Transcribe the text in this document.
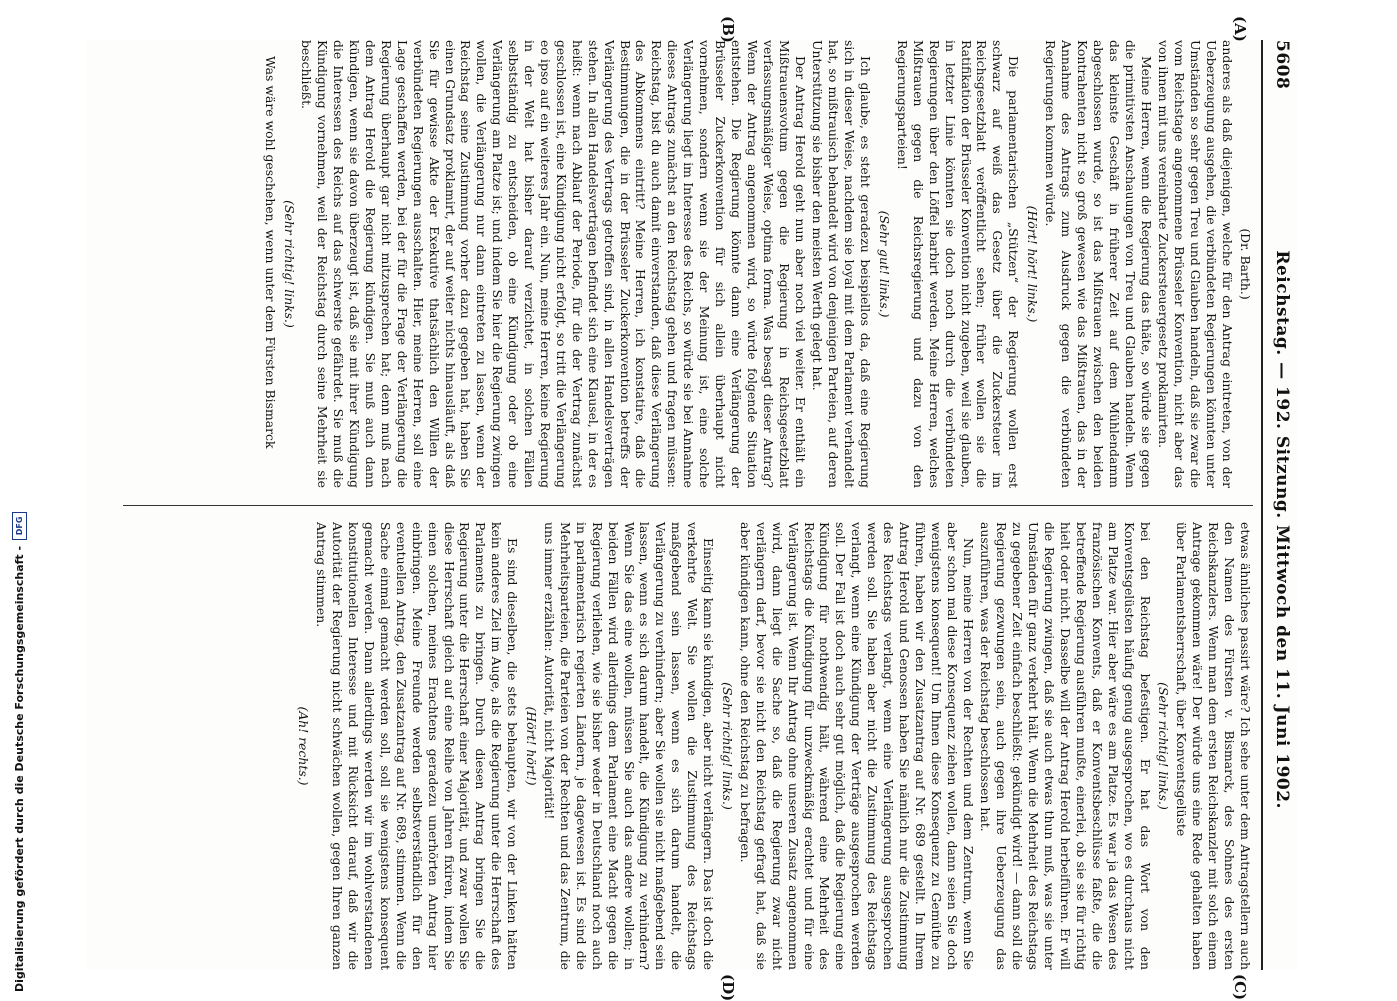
5608
Reichstag. — 192. Sitzung. Mittwoch den 11. Juni 1902.
(A)
(B)
(C)
(D)
(Dr. Barth.)

anderes als daß diejenigen, welche für den Antrag eintreten, von der Ueberzeugung ausgehen, die verbündeten Regierungen könnten unter Umständen so sehr gegen Treu und Glauben handeln, daß sie zwar die vom Reichstage angenommene Brüsseler Konvention, nicht aber das von ihnen mit uns vereinbarte Zuckersteuergesetz proklamirten.

Meine Herren, wenn die Regierung das thäte, so würde sie gegen die primitivsten Anschauungen von Treu und Glauben handeln. Wenn das kleinste Geschäft in früherer Zeit auf dem Mühlendamm abgeschlossen wurde, so ist das Mißtrauen zwischen den beiden Kontrahenten nicht so groß gewesen wie das Mißtrauen, das in der Annahme des Antrags zum Ausdruck gegen die verbündeten Regierungen kommen würde.

(Hört! hört! links.)

Die parlamentarischen „Stützen“ der Regierung wollen erst schwarz auf weiß das Gesetz über die Zuckersteuer im Reichsgesetzblatt veröffentlicht sehen; früher wollen sie die Ratifikation der Brüsseler Konvention nicht zugeben, weil sie glauben, in letzter Linie könnten sie doch noch durch die verbündeten Regierungen über den Löffel barbirt werden. Meine Herren, welches Mißtrauen gegen die Reichsregierung und dazu von den Regierungsparteien!

(Sehr gut! links.)

Ich glaube, es steht geradezu beispiellos da, daß eine Regierung sich in dieser Weise, nachdem sie loyal mit dem Parlament verhandelt hat, so mißtrauisch behandelt wird von denjenigen Parteien, auf deren Unterstützung sie bisher den meisten Werth gelegt hat.

Der Antrag Herold geht nun aber noch viel weiter. Er enthält ein Mißtrauensvotum gegen die Regierung in Reichsgesetzblatt verfassungsmäßiger Weise, optima forma. Was besagt dieser Antrag? Wenn der Antrag angenommen wird, so würde folgende Situation entstehen. Die Regierung könnte dann eine Verlängerung der Brüsseler Zuckerkonvention für sich allein überhaupt nicht vornehmen, sondern wenn sie der Meinung ist, eine solche Verlängerung liegt im Interesse des Reichs, so würde sie bei Annahme dieses Antrags zunächst an den Reichstag gehen und fragen müssen: Reichstag, bist du auch damit einverstanden, daß diese Verlängerung des Abkommens eintritt? Meine Herren, ich konstatire, daß die Bestimmungen, die in der Brüsseler Zuckerkonvention betreffs der Verlängerung des Vertrags getroffen sind, in allen Handelsverträgen stehen. In allen Handelsverträgen befindet sich eine Klausel, in der es heißt: wenn nach Ablauf der Periode, für die der Vertrag zunächst geschlossen ist, eine Kündigung nicht erfolgt, so tritt die Verlängerung eo ipso auf ein weiteres Jahr ein. Nun, meine Herren, keine Regierung in der Welt hat bisher darauf verzichtet, in solchen Fällen selbstständig zu entscheiden, ob eine Kündigung oder ob eine Verlängerung am Platze ist; und indem Sie hier die Regierung zwingen wollen, die Verlängerung nur dann eintreten zu lassen, wenn der Reichstag seine Zustimmung vorher dazu gegeben hat, haben Sie einen Grundsatz proklamirt, der auf weiter nichts hinausläuft, als daß Sie für gewisse Akte der Exekutive thatsächlich den Willen der verbündeten Regierungen ausschalten. Hier, meine Herren, soll eine Lage geschaffen werden, bei der für die Frage der Verlängerung die Regierung überhaupt gar nicht mitzusprechen hat; denn muß nach dem Antrag Herold die Regierung kündigen. Sie muß auch dann kündigen, wenn sie davon überzeugt ist, daß sie mit ihrer Kündigung die Interessen des Reichs auf das schwerste gefährdet. Sie muß die Kündigung vornehmen, weil der Reichstag durch seine Mehrheit sie beschließt.

(Sehr richtig! links.)

Was wäre wohl geschehen, wenn unter dem Fürsten Bismarck

etwas ähnliches passirt wäre? Ich sehe unter dem Antragstellern auch den Namen des Fürsten v. Bismarck, des Sohnes des ersten Reichskanzlers. Wenn man dem ersten Reichskanzler mit solch einem Antrage gekommen wäre! Der würde uns eine Rede gehalten haben über Parlamentsherrschaft, über Konventsgelüste

(Sehr richtig! links.)

bei den Reichstag befestigen. Er hat das Wort von den Konventsgelüsten häufig genug ausgesprochen, wo es durchaus nicht am Platze war. Hier aber wäre es am Platze. Es war ja das Wesen des französischen Konvents, daß er Konventsbeschlüsse faßte, die die betreffende Regierung ausführen mußte, einerlei, ob sie sie für richtig hielt oder nicht. Dasselbe will der Antrag Herold herbeiführen. Er will die Regierung zwingen, daß sie auch etwas thun muß, was sie unter Umständen für ganz verkehrt hält. Wenn die Mehrheit des Reichstags zu gegebener Zeit einfach beschließt: gekündigt wird! — dann soll die Regierung gezwungen sein, auch gegen ihre Ueberzeugung das auszuführen, was der Reichstag beschlossen hat.

Nun, meine Herren von der Rechten und dem Zentrum, wenn Sie aber schon mal diese Konsequenz ziehen wollen, dann seien Sie doch wenigstens konsequent! Um Ihnen diese Konsequenz zu Gemüthe zu führen, haben wir den Zusatzantrag auf Nr. 689 gestellt. In Ihrem Antrag Herold und Genossen haben Sie nämlich nur die Zustimmung des Reichstags verlangt, wenn eine Verlängerung ausgesprochen werden soll. Sie haben aber nicht die Zustimmung des Reichstags verlangt, wenn eine Kündigung der Verträge ausgesprochen werden soll. Der Fall ist doch auch sehr gut möglich, daß die Regierung eine Kündigung für nothwendig hält, während eine Mehrheit des Reichstags die Kündigung für unzweckmäßig erachtet und für eine Verlängerung ist. Wenn Ihr Antrag ohne unseren Zusatz angenommen wird, dann liegt die Sache so, daß die Regierung zwar nicht verlängern darf, bevor sie nicht den Reichstag gefragt hat, daß sie aber kündigen kann, ohne den Reichstag zu befragen.

(Sehr richtig! links.)

Einseitig kann sie kündigen, aber nicht verlängern. Das ist doch die verkehrte Welt. Sie wollen die Zustimmung des Reichstags maßgebend sein lassen, wenn es sich darum handelt, die Verlängerung zu verhindern; aber Sie wollen sie nicht maßgebend sein lassen, wenn es sich darum handelt, die Kündigung zu verhindern? Wenn Sie das eine wollen, müssen Sie auch das andere wollen; in beiden Fällen wird allerdings dem Parlament eine Macht gegen die Regierung verliehen, wie sie bisher weder in Deutschland noch auch in parlamentarisch regierten Ländern, je dagewesen ist. Es sind die Mehrheitsparteien, die Parteien von der Rechten und das Zentrum, die uns immer erzählen: Autorität, nicht Majorität!

(Hört! hört!)

Es sind dieselben, die stets behaupten, wir von der Linken hätten kein anderes Ziel im Auge, als die Regierung unter die Herrschaft des Parlaments zu bringen. Durch diesen Antrag bringen Sie die Regierung unter die Herrschaft einer Majorität, und zwar wollen Sie diese Herrschaft gleich auf eine Reihe von Jahren fixiren, indem Sie einen solchen, meines Erachtens geradezu unerhörten Antrag hier einbringen. Meine Freunde werden selbstverständlich für den eventuellen Antrag, den Zusatzantrag auf Nr. 689, stimmen. Wenn die Sache einmal gemacht werden soll, soll sie wenigstens konsequent gemacht werden. Dann allerdings werden wir im wohlverstandenen konstitutionellen Interesse und mit Rücksicht darauf, daß wir die Autorität der Regierung nicht schwächen wollen, gegen Ihren ganzen Antrag stimmen.

(Ah! rechts.)
Digitalisierung gefördert durch die Deutsche Forschungsgemeinschaft -
DFG
